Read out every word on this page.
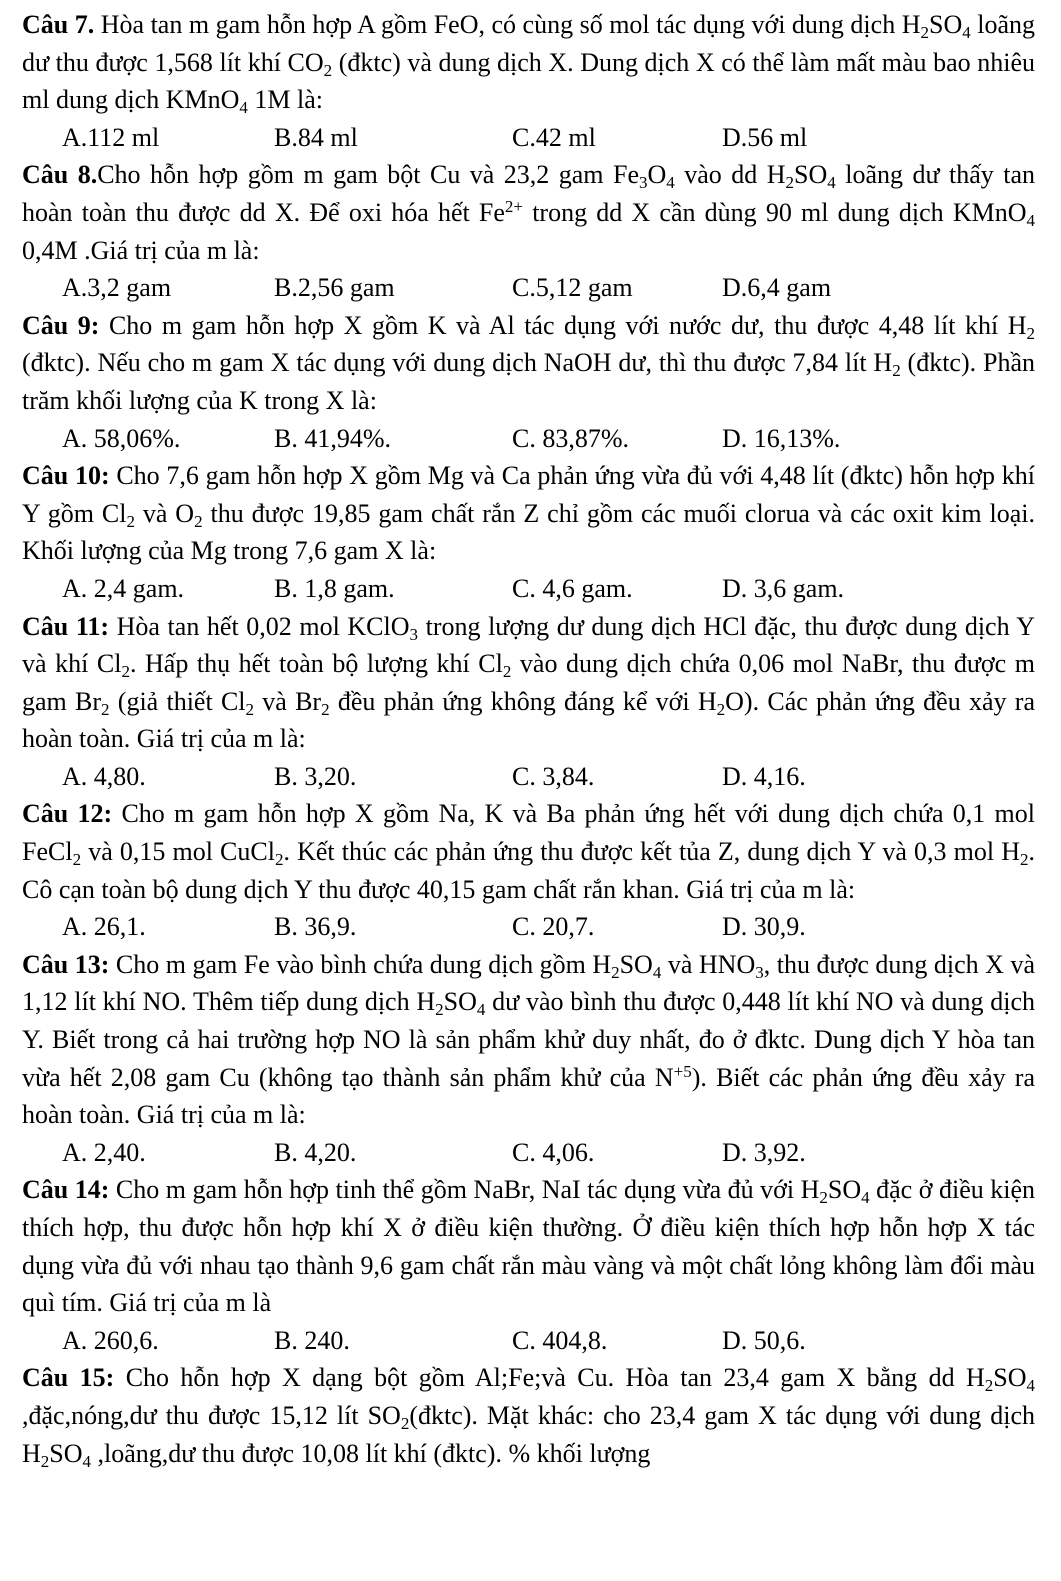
Câu 7. Hòa tan m gam hỗn hợp A gồm FeO, có cùng số mol tác dụng với dung dịch $H_2SO_4$ loãng dư thu được 1,568 lít khí $CO_2$ (đktc) và dung dịch X. Dung dịch X có thể làm mất màu bao nhiêu ml dung dịch KMnO$_4$ 1M là:

A.112 ml	B.84 ml	C.42 ml	D.56 ml

Câu 8.Cho hỗn hợp gồm m gam bột Cu và 23,2 gam $Fe_3O_4$ vào dd $H_2SO_4$ loãng dư thấy tan hoàn toàn thu được dd X. Để oxi hóa hết $Fe^{2+}$ trong dd X cần dùng 90 ml dung dịch KMnO$_4$ 0,4M .Giá trị của m là:

A.3,2 gam	B.2,56 gam	C.5,12 gam	D.6,4 gam

Câu 9: Cho m gam hỗn hợp X gồm K và Al tác dụng với nước dư, thu được 4,48 lít khí $H_2$ (đktc). Nếu cho m gam X tác dụng với dung dịch NaOH dư, thì thu được 7,84 lít $H_2$ (đktc). Phần trăm khối lượng của K trong X là:

A. 58,06%.	B. 41,94%.	C. 83,87%.	D. 16,13%.

Câu 10: Cho 7,6 gam hỗn hợp X gồm Mg và Ca phản ứng vừa đủ với 4,48 lít (đktc) hỗn hợp khí Y gồm $Cl_2$ và $O_2$ thu được 19,85 gam chất rắn Z chỉ gồm các muối clorua và các oxit kim loại. Khối lượng của Mg trong 7,6 gam X là:

A. 2,4 gam.	B. 1,8 gam.	C. 4,6 gam.	D. 3,6 gam.

Câu 11: Hòa tan hết 0,02 mol KClO$_3$ trong lượng dư dung dịch HCl đặc, thu được dung dịch Y và khí $Cl_2$. Hấp thụ hết toàn bộ lượng khí $Cl_2$ vào dung dịch chứa 0,06 mol NaBr, thu được m gam $Br_2$ (giả thiết $Cl_2$ và $Br_2$ đều phản ứng không đáng kể với $H_2O$). Các phản ứng đều xảy ra hoàn toàn. Giá trị của m là:

A. 4,80.	B. 3,20.	C. 3,84.	D. 4,16.

Câu 12: Cho m gam hỗn hợp X gồm Na, K và Ba phản ứng hết với dung dịch chứa 0,1 mol FeCl$_2$ và 0,15 mol CuCl$_2$. Kết thúc các phản ứng thu được kết tủa Z, dung dịch Y và 0,3 mol $H_2$. Cô cạn toàn bộ dung dịch Y thu được 40,15 gam chất rắn khan. Giá trị của m là:

A. 26,1.	B. 36,9.	C. 20,7.	D. 30,9.

Câu 13: Cho m gam Fe vào bình chứa dung dịch gồm $H_2SO_4$ và $HNO_3$, thu được dung dịch X và 1,12 lít khí NO. Thêm tiếp dung dịch $H_2SO_4$ dư vào bình thu được 0,448 lít khí NO và dung dịch Y. Biết trong cả hai trường hợp NO là sản phẩm khử duy nhất, đo ở đktc. Dung dịch Y hòa tan vừa hết 2,08 gam Cu (không tạo thành sản phẩm khử của $N^{+5}$). Biết các phản ứng đều xảy ra hoàn toàn. Giá trị của m là:

A. 2,40.	B. 4,20.	C. 4,06.	D. 3,92.

Câu 14: Cho m gam hỗn hợp tinh thể gồm NaBr, NaI tác dụng vừa đủ với $H_2SO_4$ đặc ở điều kiện thích hợp, thu được hỗn hợp khí X ở điều kiện thường. Ở điều kiện thích hợp hỗn hợp X tác dụng vừa đủ với nhau tạo thành 9,6 gam chất rắn màu vàng và một chất lỏng không làm đổi màu quì tím. Giá trị của m là

A. 260,6.	B. 240.	C. 404,8.	D. 50,6.

Câu 15: Cho hỗn hợp X dạng bột gồm Al;Fe;và Cu. Hòa tan 23,4 gam X bằng dd $H_2SO_4$ ,đặc,nóng,dư thu được 15,12 lít $SO_2(đktc)$. Mặt khác: cho 23,4 gam X tác dụng với dung dịch $H_2SO_4$ ,loãng,dư thu được 10,08 lít khí (đktc). % khối lượng
